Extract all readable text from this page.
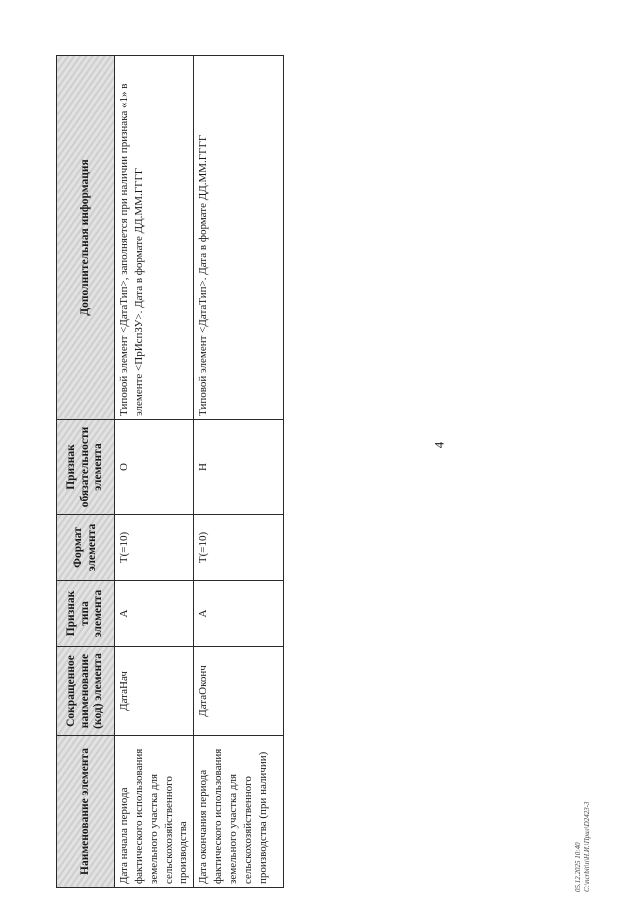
4
Наименование элемента	Сокращенное наименование (код) элемента	Признак типа элемента	Формат элемента	Признак обязательности элемента	Дополнительная информация
Дата начала периода фактического использования земельного участка для сельскохозяйственного производства	ДатаНач	А	T(=10)	О	Типовой элемент <ДатаТип>, заполняется при наличии признака «1» в элементе <ПрИспЗУ>. Дата в формате ДД.ММ.ГГГГ
Дата окончания периода фактического использования земельного участка для сельскохозяйственного производства (при наличии)	ДатаОконч	А	T(=10)	Н	Типовой элемент <ДатаТип>. Дата в формате ДД.ММ.ГГГГ
05.12.2025 10:40 С:\ncrbit\n\Н.И.\Прил\D2423-3
